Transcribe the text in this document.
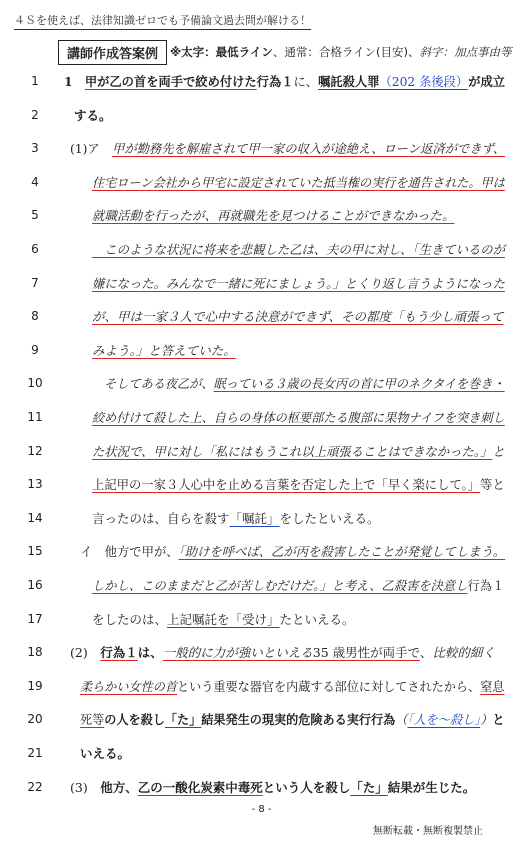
４Ｓを使えば、法律知識ゼロでも予備論文過去問が解ける！
講師作成答案例	※太字：最低ライン、通常：合格ライン(目安)、斜字：加点事由等
1	1　甲が乙の首を両手で絞め付けた行為１に、嘱託殺人罪（202 条後段）が成立
2	する。
3	(1)ア　甲が勤務先を解雇されて甲一家の収入が途絶え、ローン返済ができず、
4	住宅ローン会社から甲宅に設定されていた抵当権の実行を通告された。甲は
5	就職活動を行ったが、再就職先を見つけることができなかった。
6	　このような状況に将来を悲観した乙は、夫の甲に対し、「生きているのが
7	嫌になった。みんなで一緒に死にましょう。」とくり返し言うようになった
8	が、甲は一家３人で心中する決意ができず、その都度「もう少し頑張って
9	みよう。」と答えていた。
10	　そしてある夜乙が、眠っている３歳の長女丙の首に甲のネクタイを巻き・
11	絞め付けて殺した上、自らの身体の枢要部たる腹部に果物ナイフを突き刺し
12	た状況で、甲に対し「私にはもうこれ以上頑張ることはできなかった。」と
13	上記甲の一家３人心中を止める言葉を否定した上で「早く楽にして。」等と
14	言ったのは、自らを殺す「嘱託」をしたといえる。
15	イ　他方で甲が、「助けを呼べば、乙が丙を殺害したことが発覚してしまう。
16	しかし、このままだと乙が苦しむだけだ。」と考え、乙殺害を決意し行為１
17	をしたのは、上記嘱託を「受け」たといえる。
18	(2)　行為１は、一般的に力が強いといえる35 歳男性が両手で、比較的細く
19	柔らかい女性の首という重要な器官を内蔵する部位に対してされたから、窒息
20	死等の人を殺し「た」結果発生の現実的危険ある実行行為（「人を〜殺し」）と
21	いえる。
22	(3)　他方、乙の一酸化炭素中毒死という人を殺し「た」結果が生じた。
- 8 -
無断転載・無断複製禁止
